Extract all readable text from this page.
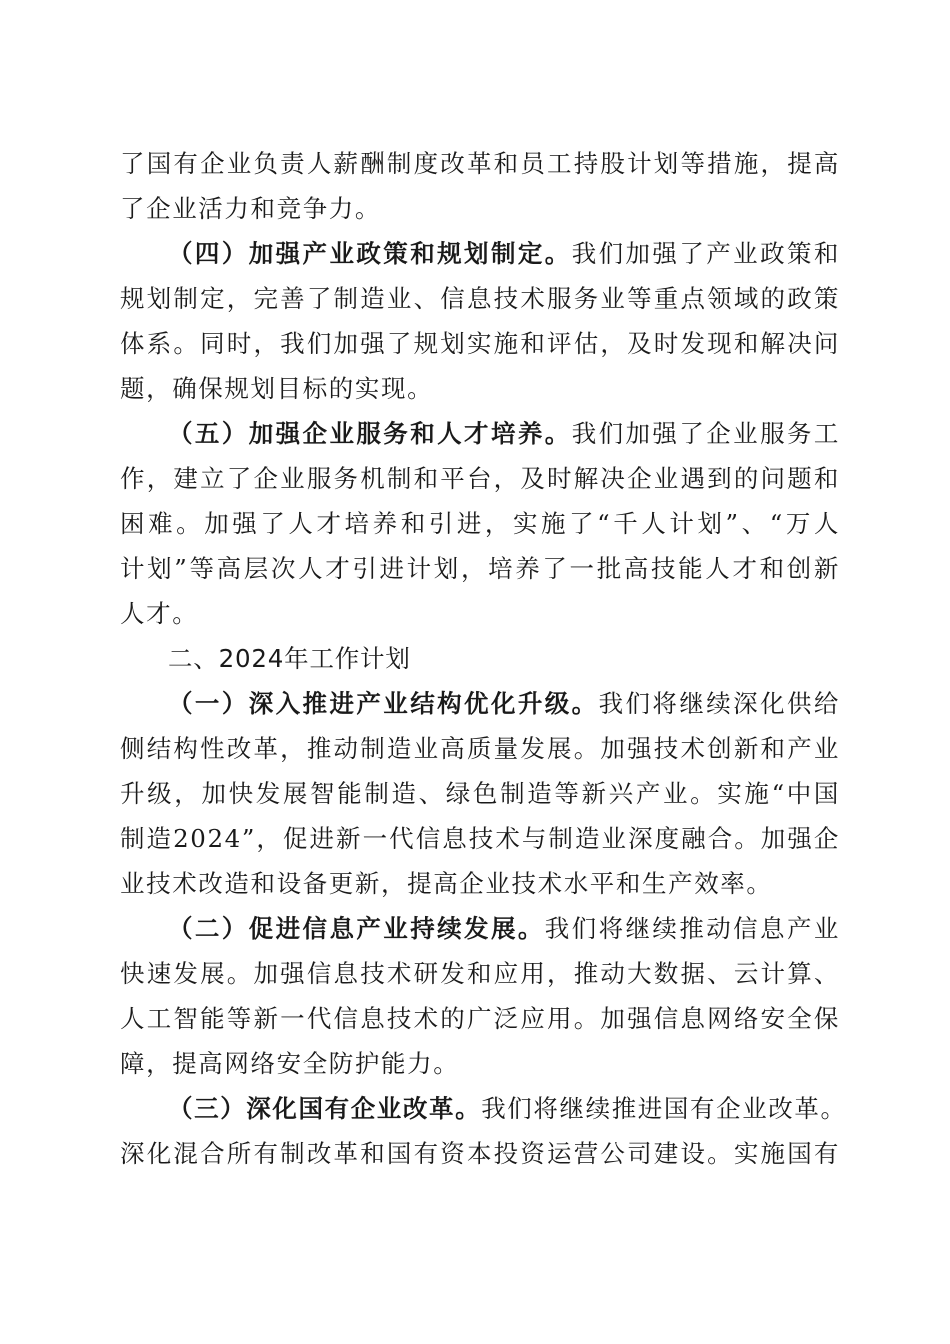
了国有企业负责人薪酬制度改革和员工持股计划等措施，提高
了企业活力和竞争力。
（四）加强产业政策和规划制定。我们加强了产业政策和
规划制定，完善了制造业、信息技术服务业等重点领域的政策
体系。同时，我们加强了规划实施和评估，及时发现和解决问
题，确保规划目标的实现。
（五）加强企业服务和人才培养。我们加强了企业服务工
作，建立了企业服务机制和平台，及时解决企业遇到的问题和
困难。加强了人才培养和引进，实施了“千人计划”、“万人
计划”等高层次人才引进计划，培养了一批高技能人才和创新
人才。
二、2024年工作计划
（一）深入推进产业结构优化升级。我们将继续深化供给
侧结构性改革，推动制造业高质量发展。加强技术创新和产业
升级，加快发展智能制造、绿色制造等新兴产业。实施“中国
制造2024”，促进新一代信息技术与制造业深度融合。加强企
业技术改造和设备更新，提高企业技术水平和生产效率。
（二）促进信息产业持续发展。我们将继续推动信息产业
快速发展。加强信息技术研发和应用，推动大数据、云计算、
人工智能等新一代信息技术的广泛应用。加强信息网络安全保
障，提高网络安全防护能力。
（三）深化国有企业改革。我们将继续推进国有企业改革。
深化混合所有制改革和国有资本投资运营公司建设。实施国有
